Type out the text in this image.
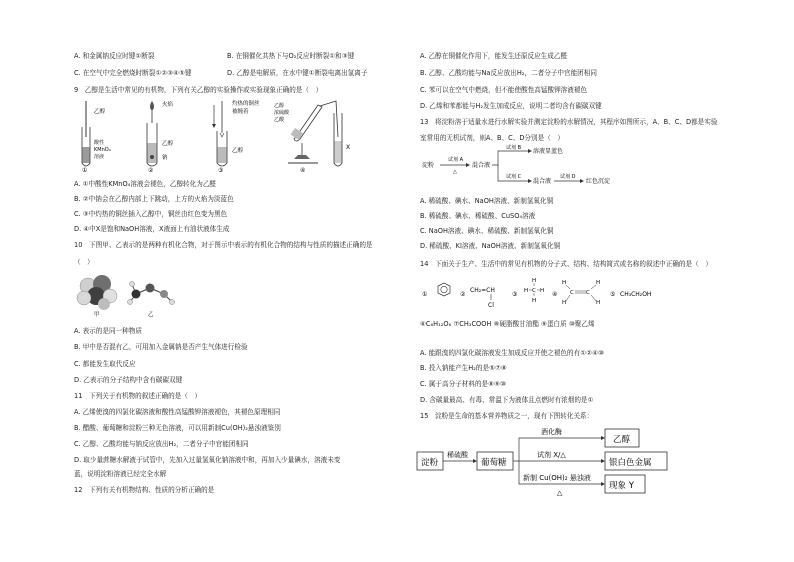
A. 和金属钠反应时键①断裂	B. 在铜催化共热下与O₂反应时断裂①和③键
C. 在空气中完全燃烧时断裂①②③④⑤键	D. 乙醇是电解质，在水中键①断裂电离出氢离子
9　乙醇是生活中常见的有机物，下列有关乙醇的实验操作或实验现象正确的是（　）
乙醇
酸性
KMnO₄
溶液
①
火焰
乙醇
钠
②
灼热的铜丝
被缠着
乙醇
③
乙醇
浓硫酸
乙酸
X
④
A. ①中酸性KMnO₄溶液会褪色，乙醇转化为乙醛
B. ②中钠会在乙醇内部上下跳动，上方的火焰为淡蓝色
C. ③中灼热的铜丝插入乙醇中，铜丝由红色变为黑色
D. ④中X是饱和NaOH溶液，X液面上有油状液体生成
10　下图甲、乙表示的是两种有机化合物，对于图示中表示的有机化合物的结构与性质的描述正确的是
（　）
甲	乙
A. 表示的是同一种物质
B. 甲中是否混有乙，可用加入金属钠是否产生气体进行检验
C. 都能发生取代反应
D. 乙表示的分子结构中含有碳碳双键
11　下列关于有机物的叙述正确的是（　）
A. 乙烯使溴的四氯化碳溶液和酸性高锰酸钾溶液褪色，其褪色原理相同
B. 醋酸、葡萄糖和淀粉三种无色溶液，可以用新制Cu(OH)₂悬浊液鉴别
C. 乙醇、乙酸均能与钠反应放出H₂，二者分子中官能团相同
D. 取少量蔗糖水解液于试管中，先加入过量氢氧化钠溶液中和，再加入少量碘水，溶液未变
蓝，说明淀粉溶液已经完全水解
12　下列有关有机物结构、性质的分析正确的是
A. 乙醇在铜催化作用下，能发生还原反应生成乙醛
B. 乙醇、乙酸均能与Na反应放出H₂，二者分子中官能团相同
C. 苯可以在空气中燃烧，但不能使酸性高锰酸钾溶液褪色
D. 乙烯和苯都能与H₂发生加成反应，说明二者均含有碳碳双键
13　将淀粉溶于适量水进行水解实验并测定淀粉的水解情况，其程序如图所示，A、B、C、D都是实验
室常用的无机试剂，则A、B、C、D分别是（　）
淀粉
试剂 A
△
混合液
试剂 B 溶液显蓝色
试剂 C
混合液
试剂 D
红色沉淀
A. 稀硫酸、碘水、NaOH溶液、新制氢氧化铜
B. 稀硫酸、碘水、稀硫酸、CuSO₄溶液
C. NaOH溶液、碘水、稀硫酸、新制氢氧化铜
D. 稀硫酸、KI溶液、NaOH溶液、新制氢氧化铜
14　下面关于生产、生活中的常见有机物的分子式、结构、结构简式或名称的叙述中正确的是（　）
①	②
CH₂=CH
Cl
③ H C H
H
H
④
H
H
H
H
C C	⑤ CH₃CH₂OH
⑥C₆H₁₂O₆ ⑦CH₃COOH ⑧硬脂酸甘油酯 ⑨蛋白质 ⑩聚乙烯
A. 能跟溴的四氯化碳溶液发生加成反应并使之褪色的有①②④⑩
B. 投入钠能产生H₂的是⑤⑦⑧
C. 属于高分子材料的是⑧⑨⑩
D. 含碳量最高、有毒、常温下为液体且点燃时有浓烟的是①
15　淀粉是生命的基本营养物质之一，现有下图转化关系：
淀粉
稀硫酸
葡萄糖
酒化酶
乙醇
试剂 X/△
银白色金属
新制 Cu(OH)₂ 悬浊液
△
现象 Y
